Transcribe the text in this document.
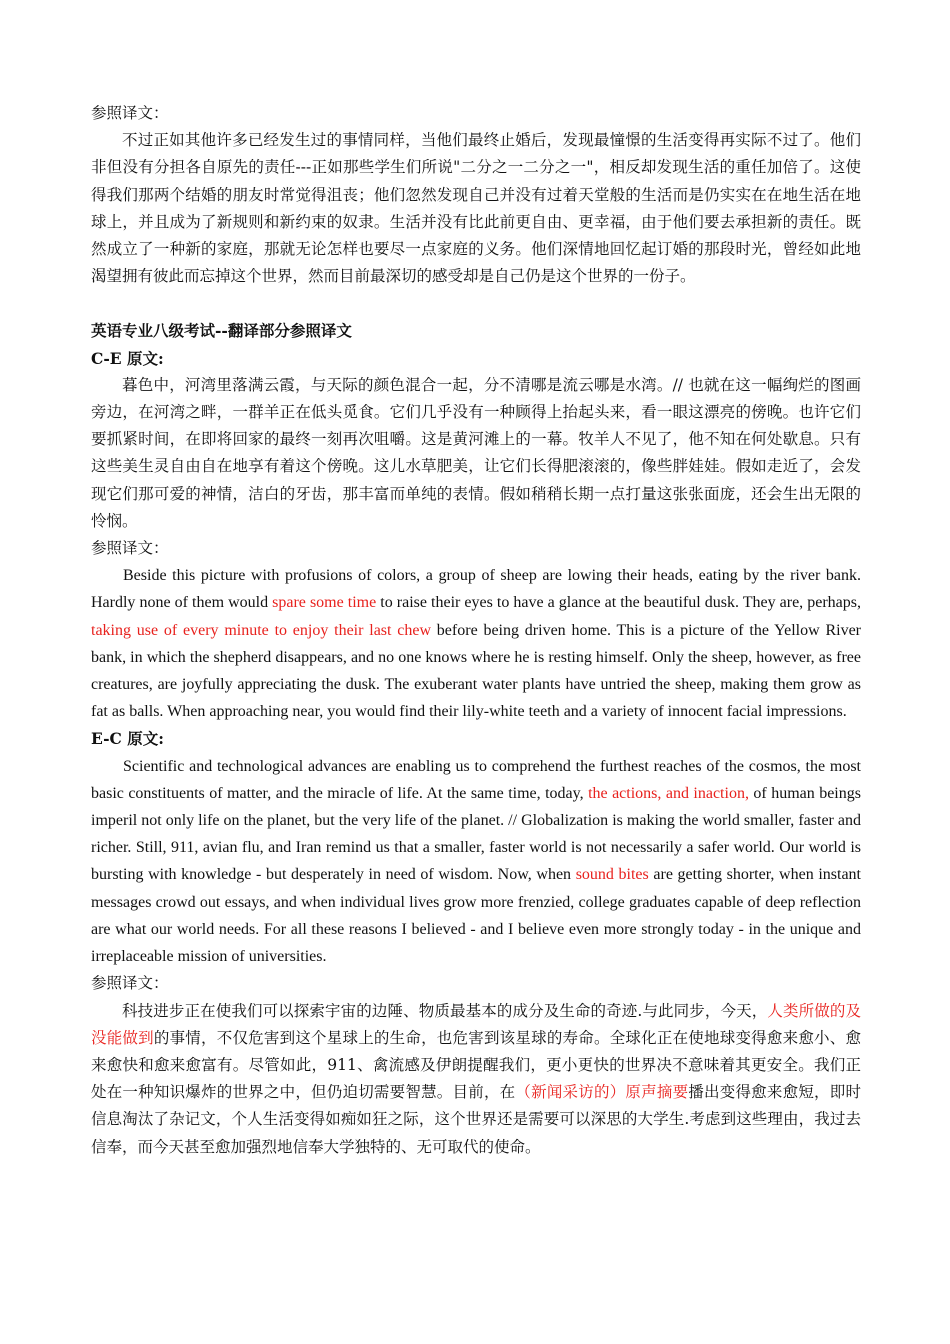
参照译文：

不过正如其他许多已经发生过的事情同样，当他们最终止婚后，发现最憧憬的生活变得再实际不过了。他们非但没有分担各自原先的责任---正如那些学生们所说"二分之一二分之一"，相反却发现生活的重任加倍了。这使得我们那两个结婚的朋友时常觉得沮丧；他们忽然发现自己并没有过着天堂般的生活而是仍实实在在地生活在地球上，并且成为了新规则和新约束的奴隶。生活并没有比此前更自由、更幸福，由于他们要去承担新的责任。既然成立了一种新的家庭，那就无论怎样也要尽一点家庭的义务。他们深情地回忆起订婚的那段时光，曾经如此地渴望拥有彼此而忘掉这个世界，然而目前最深切的感受却是自己仍是这个世界的一份子。

英语专业八级考试--翻译部分参照译文

C-E 原文:

暮色中，河湾里落满云霞，与天际的颜色混合一起，分不清哪是流云哪是水湾。// 也就在这一幅绚烂的图画旁边，在河湾之畔，一群羊正在低头觅食。它们几乎没有一种顾得上抬起头来，看一眼这漂亮的傍晚。也许它们要抓紧时间，在即将回家的最终一刻再次咀嚼。这是黄河滩上的一幕。牧羊人不见了，他不知在何处歇息。只有这些美生灵自由自在地享有着这个傍晚。这儿水草肥美，让它们长得肥滚滚的，像些胖娃娃。假如走近了，会发现它们那可爱的神情，洁白的牙齿，那丰富而单纯的表情。假如稍稍长期一点打量这张张面庞，还会生出无限的怜悯。

参照译文：

Beside this picture with profusions of colors, a group of sheep are lowing their heads, eating by the river bank. Hardly none of them would spare some time to raise their eyes to have a glance at the beautiful dusk. They are, perhaps, taking use of every minute to enjoy their last chew before being driven home. This is a picture of the Yellow River bank, in which the shepherd disappears, and no one knows where he is resting himself. Only the sheep, however, as free creatures, are joyfully appreciating the dusk. The exuberant water plants have untried the sheep, making them grow as fat as balls. When approaching near, you would find their lily-white teeth and a variety of innocent facial impressions.

E-C 原文:

Scientific and technological advances are enabling us to comprehend the furthest reaches of the cosmos, the most basic constituents of matter, and the miracle of life. At the same time, today, the actions, and inaction, of human beings imperil not only life on the planet, but the very life of the planet. // Globalization is making the world smaller, faster and richer. Still, 911, avian flu, and Iran remind us that a smaller, faster world is not necessarily a safer world. Our world is bursting with knowledge - but desperately in need of wisdom. Now, when sound bites are getting shorter, when instant messages crowd out essays, and when individual lives grow more frenzied, college graduates capable of deep reflection are what our world needs. For all these reasons I believed - and I believe even more strongly today - in the unique and irreplaceable mission of universities.

参照译文：

科技进步正在使我们可以探索宇宙的边陲、物质最基本的成分及生命的奇迹.与此同步，今天，人类所做的及没能做到的事情，不仅危害到这个星球上的生命，也危害到该星球的寿命。全球化正在使地球变得愈来愈小、愈来愈快和愈来愈富有。尽管如此，911、禽流感及伊朗提醒我们，更小更快的世界决不意味着其更安全。我们正处在一种知识爆炸的世界之中，但仍迫切需要智慧。目前，在（新闻采访的）原声摘要播出变得愈来愈短，即时信息淘汰了杂记文，个人生活变得如痴如狂之际，这个世界还是需要可以深思的大学生.考虑到这些理由，我过去信奉，而今天甚至愈加强烈地信奉大学独特的、无可取代的使命。
